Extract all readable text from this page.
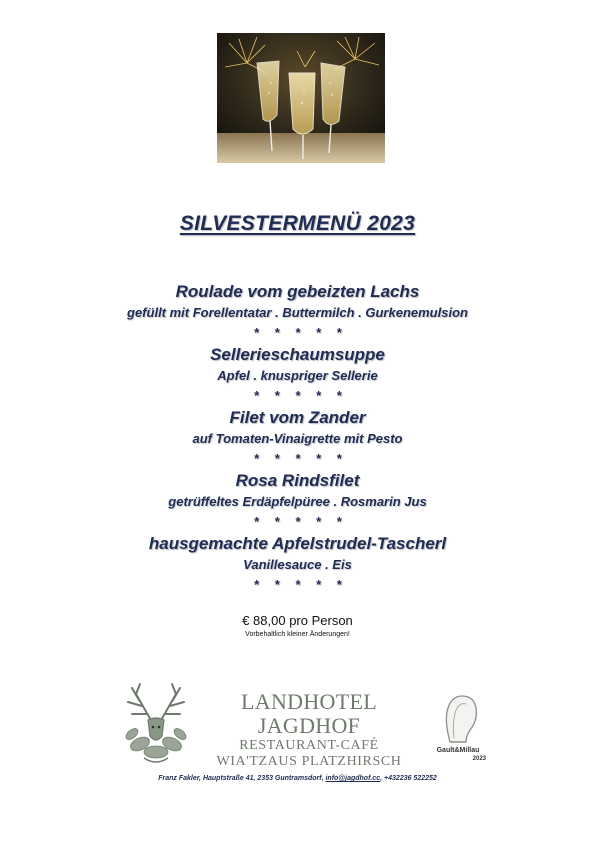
SILVESTERMENÜ 2023
Roulade vom gebeizten Lachs
gefüllt mit Forellentatar . Buttermilch . Gurkenemulsion
* * * * *
Sellerieschaumsuppe
Apfel . knuspriger Sellerie
* * * * *
Filet vom Zander
auf Tomaten-Vinaigrette mit Pesto
* * * * *
Rosa Rindsfilet
getrüffeltes Erdäpfelpüree . Rosmarin Jus
* * * * *
hausgemachte Apfelstrudel-Tascherl
Vanillesauce . Eis
* * * * *
€ 88,00 pro Person
Vorbehaltlich kleiner Änderungen!
LANDHOTEL JAGDHOF
RESTAURANT-CAFÉ
WIA'TZAUS PLATZHIRSCH
Gault&Millau
2023
Franz Fakler, Hauptstraße 41, 2353 Guntramsdorf, info@jagdhof.cc, +432236 522252
